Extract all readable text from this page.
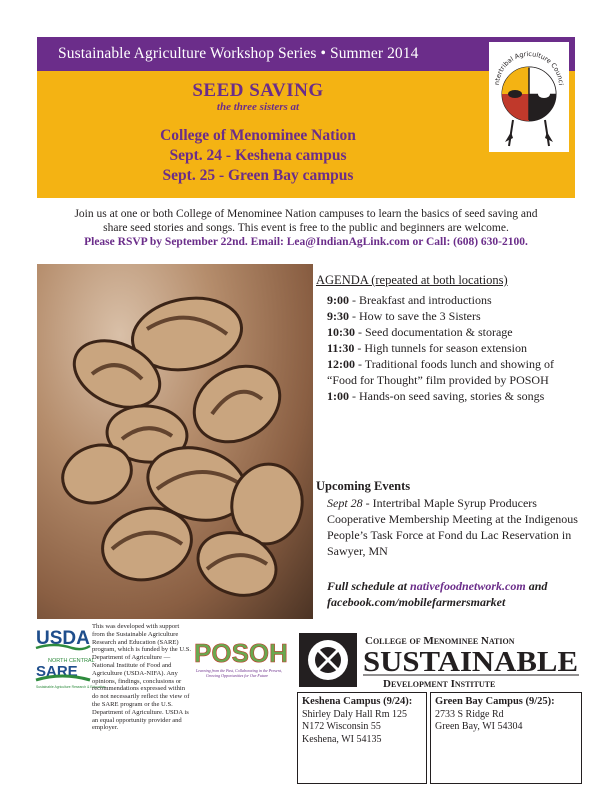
Sustainable Agriculture Workshop Series • Summer 2014
SEED SAVING
the three sisters at
College of Menominee Nation
Sept. 24 - Keshena campus
Sept. 25 - Green Bay campus
ntertribal Agriculture Counci
Join us at one or both College of Menominee Nation campuses to learn the basics of seed saving and
share seed stories and songs. This event is free to the public and beginners are welcome.
Please RSVP by September 22nd. Email: Lea@IndianAgLink.com or Call: (608) 630-2100.
AGENDA (repeated at both locations)
9:00 - Breakfast and introductions
9:30 - How to save the 3 Sisters
10:30 - Seed documentation & storage
11:30 - High tunnels for season extension
12:00 - Traditional foods lunch and showing of “Food for Thought” film provided by POSOH
1:00 - Hands-on seed saving, stories & songs
Upcoming Events
Sept 28 - Intertribal Maple Syrup Producers Cooperative Membership Meeting at the Indigenous People’s Task Force at Fond du Lac Reservation in Sawyer, MN
Full schedule at nativefoodnetwork.com and
facebook.com/mobilefarmersmarket
USDA
NORTH CENTRAL
SARE
Sustainable Agriculture Research & Education
This was developed with support from the Sustainable Agriculture Research and Education (SARE) program, which is funded by the U.S. Department of Agriculture — National Institute of Food and Agriculture (USDA-NIFA). Any opinions, findings, conclusions or recommendations expressed within do not necessarily reflect the view of the SARE program or the U.S. Department of Agriculture. USDA is an equal opportunity provider and employer.
POSOH
Learning from the Past, Collaborating in the Present,
Growing Opportunities for Our Future
College of Menominee Nation
SUSTAINABLE
Development Institute
Keshena Campus (9/24):
Shirley Daly Hall Rm 125
N172 Wisconsin 55
Keshena, WI 54135
Green Bay Campus (9/25):
2733 S Ridge Rd
Green Bay, WI 54304
